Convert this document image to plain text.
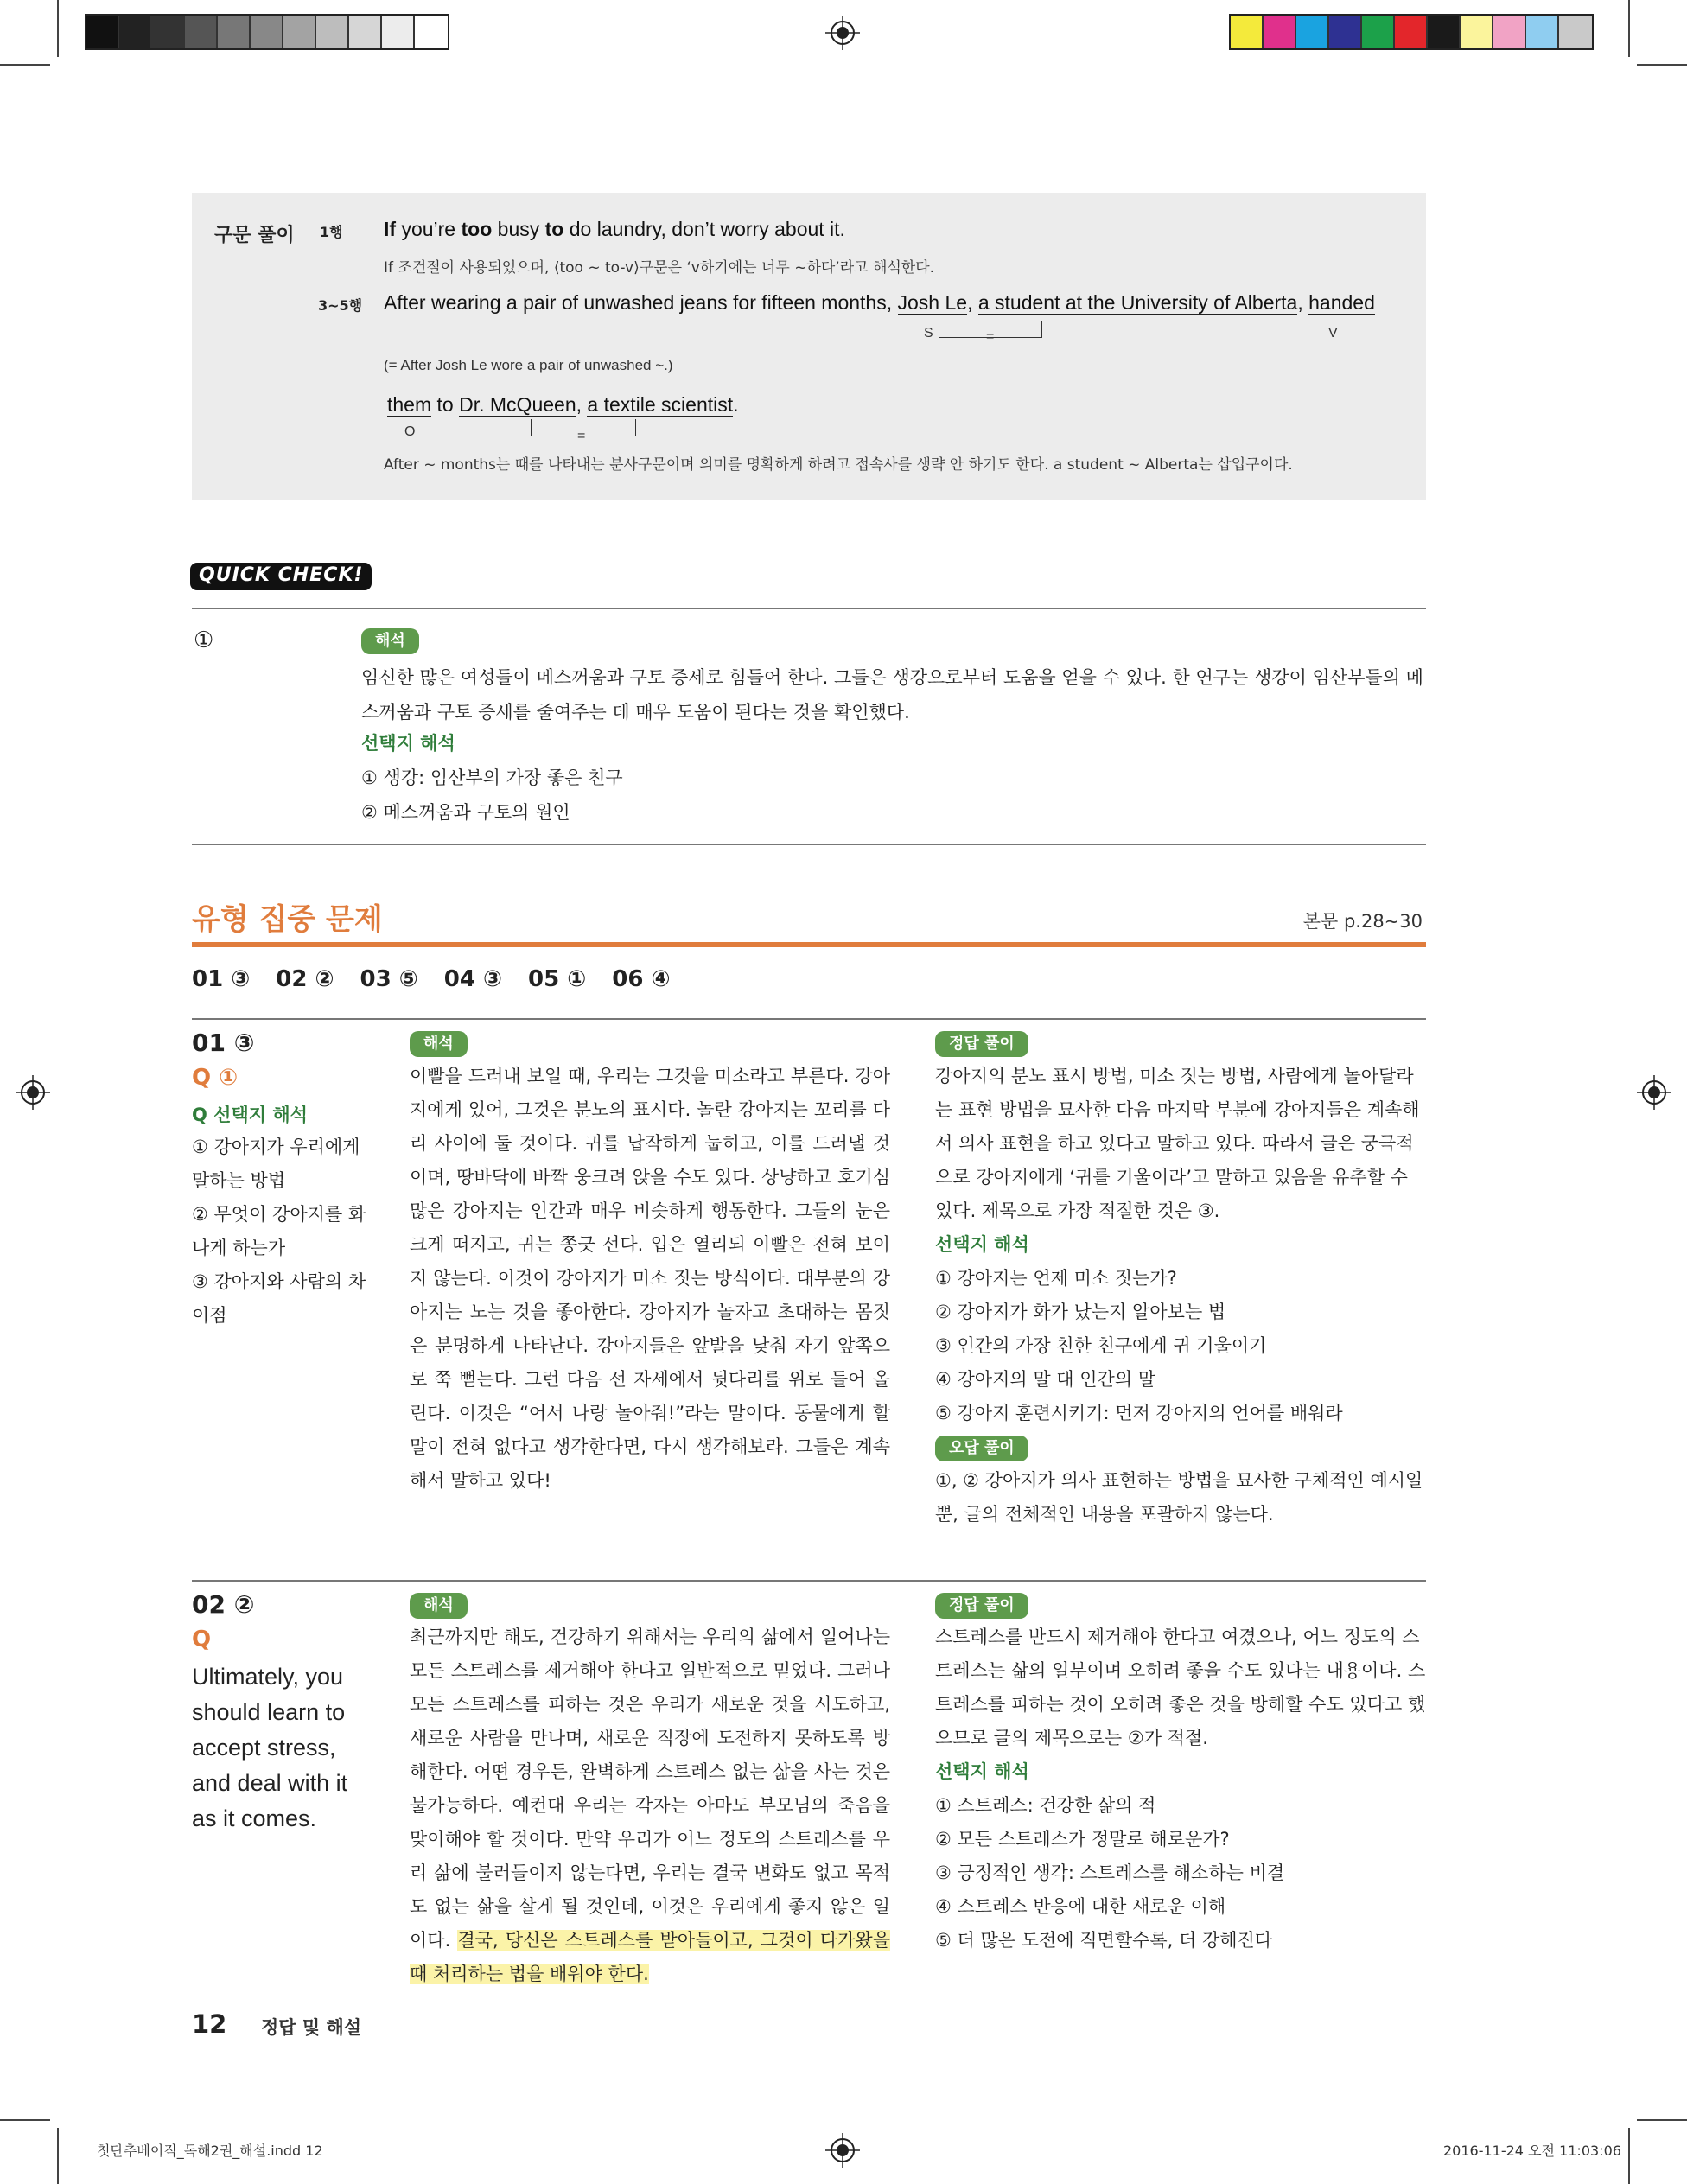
구문 풀이 1행 If you’re too busy to do laundry, don’t worry about it.
If 조건절이 사용되었으며, ⟨too ~ to-v⟩구문은 ‘v하기에는 너무 ~하다’라고 해석한다.
3~5행 After wearing a pair of unwashed jeans for fifteen months, Josh Le, a student at the University of Alberta, handed
S	=	V
(= After Josh Le wore a pair of unwashed ~.)
them to Dr. McQueen, a textile scientist.
O	=
After ~ months는 때를 나타내는 분사구문이며 의미를 명확하게 하려고 접속사를 생략 안 하기도 한다. a student ~ Alberta는 삽입구이다.
QUICK CHECK!
①	해석
임신한 많은 여성들이 메스꺼움과 구토 증세로 힘들어 한다. 그들은 생강으로부터 도움을 얻을 수 있다. 한 연구는 생강이 임산부들의 메스꺼움과 구토 증세를 줄여주는 데 매우 도움이 된다는 것을 확인했다.
선택지 해석
① 생강: 임산부의 가장 좋은 친구
② 메스꺼움과 구토의 원인
유형 집중 문제	본문 p.28~30
01 ③ 02 ② 03 ⑤ 04 ③ 05 ① 06 ④
01 ③
Q ①
Q 선택지 해석
① 강아지가 우리에게 말하는 방법
② 무엇이 강아지를 화나게 하는가
③ 강아지와 사람의 차이점
해석
이빨을 드러내 보일 때, 우리는 그것을 미소라고 부른다. 강아지에게 있어, 그것은 분노의 표시다. 놀란 강아지는 꼬리를 다리 사이에 둘 것이다. 귀를 납작하게 눕히고, 이를 드러낼 것이며, 땅바닥에 바짝 웅크려 앉을 수도 있다. 상냥하고 호기심 많은 강아지는 인간과 매우 비슷하게 행동한다. 그들의 눈은 크게 떠지고, 귀는 쫑긋 선다. 입은 열리되 이빨은 전혀 보이지 않는다. 이것이 강아지가 미소 짓는 방식이다. 대부분의 강아지는 노는 것을 좋아한다. 강아지가 놀자고 초대하는 몸짓은 분명하게 나타난다. 강아지들은 앞발을 낮춰 자기 앞쪽으로 쭉 뻗는다. 그런 다음 선 자세에서 뒷다리를 위로 들어 올린다. 이것은 “어서 나랑 놀아줘!”라는 말이다. 동물에게 할 말이 전혀 없다고 생각한다면, 다시 생각해보라. 그들은 계속해서 말하고 있다!
정답 풀이
강아지의 분노 표시 방법, 미소 짓는 방법, 사람에게 놀아달라는 표현 방법을 묘사한 다음 마지막 부분에 강아지들은 계속해서 의사 표현을 하고 있다고 말하고 있다. 따라서 글은 궁극적으로 강아지에게 ‘귀를 기울이라’고 말하고 있음을 유추할 수 있다. 제목으로 가장 적절한 것은 ③.
선택지 해석
① 강아지는 언제 미소 짓는가?
② 강아지가 화가 났는지 알아보는 법
③ 인간의 가장 친한 친구에게 귀 기울이기
④ 강아지의 말 대 인간의 말
⑤ 강아지 훈련시키기: 먼저 강아지의 언어를 배워라
오답 풀이
①, ② 강아지가 의사 표현하는 방법을 묘사한 구체적인 예시일 뿐, 글의 전체적인 내용을 포괄하지 않는다.
02 ②
Q
Ultimately, you should learn to accept stress, and deal with it as it comes.
해석
최근까지만 해도, 건강하기 위해서는 우리의 삶에서 일어나는 모든 스트레스를 제거해야 한다고 일반적으로 믿었다. 그러나 모든 스트레스를 피하는 것은 우리가 새로운 것을 시도하고, 새로운 사람을 만나며, 새로운 직장에 도전하지 못하도록 방해한다. 어떤 경우든, 완벽하게 스트레스 없는 삶을 사는 것은 불가능하다. 예컨대 우리는 각자는 아마도 부모님의 죽음을 맞이해야 할 것이다. 만약 우리가 어느 정도의 스트레스를 우리 삶에 불러들이지 않는다면, 우리는 결국 변화도 없고 목적도 없는 삶을 살게 될 것인데, 이것은 우리에게 좋지 않은 일이다. 결국, 당신은 스트레스를 받아들이고, 그것이 다가왔을 때 처리하는 법을 배워야 한다.
정답 풀이
스트레스를 반드시 제거해야 한다고 여겼으나, 어느 정도의 스트레스는 삶의 일부이며 오히려 좋을 수도 있다는 내용이다. 스트레스를 피하는 것이 오히려 좋은 것을 방해할 수도 있다고 했으므로 글의 제목으로는 ②가 적절.
선택지 해석
① 스트레스: 건강한 삶의 적
② 모든 스트레스가 정말로 해로운가?
③ 긍정적인 생각: 스트레스를 해소하는 비결
④ 스트레스 반응에 대한 새로운 이해
⑤ 더 많은 도전에 직면할수록, 더 강해진다
12 정답 및 해설
첫단추베이직_독해2권_해설.indd 12	2016-11-24 오전 11:03:06
